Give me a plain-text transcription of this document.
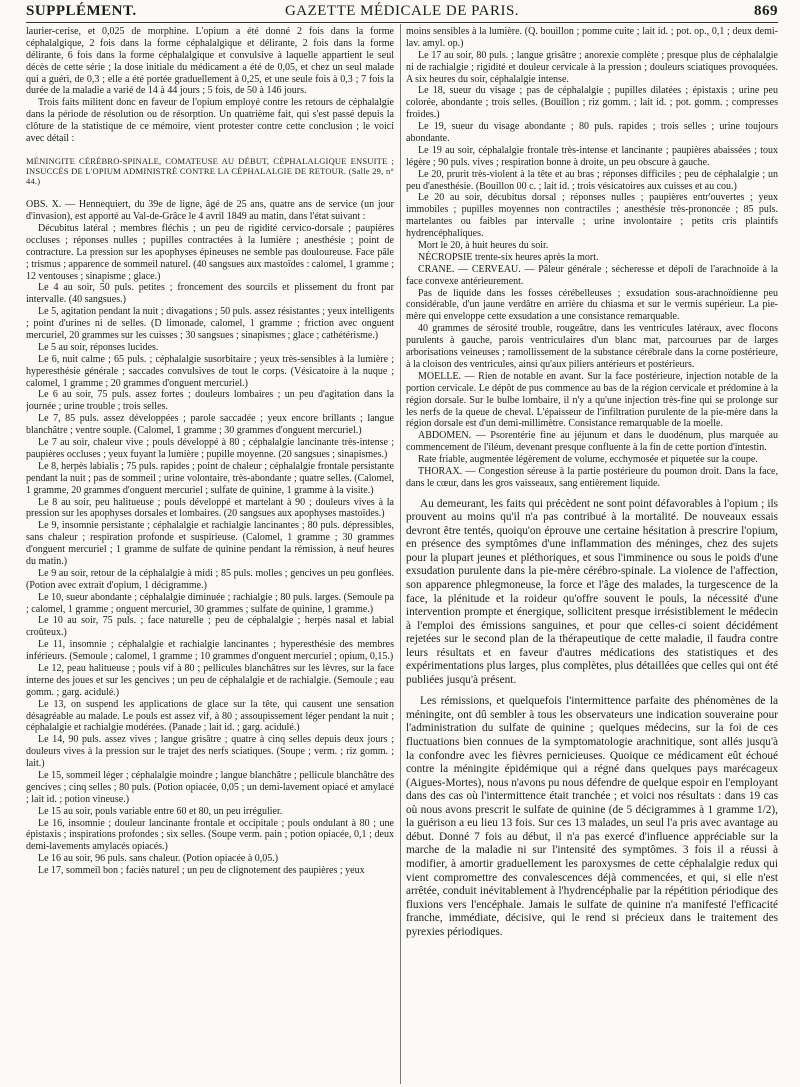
SUPPLÉMENT.	GAZETTE MÉDICALE DE PARIS.	869

laurier-cerise, et 0,025 de morphine. L'opium a été donné 2 fois dans la forme céphalalgique, 2 fois dans la forme céphalalgique et délirante, 2 fois dans la forme délirante, 6 fois dans la forme céphalalgique et convulsive à laquelle appartient le seul décès de cette série ; la dose initiale du médicament a été de 0,05, et chez un seul malade qui a guéri, de 0,3 ; elle a été portée graduellement à 0,25, et une seule fois à 0,3 ; 7 fois la durée de la maladie a varié de 14 à 44 jours ; 5 fois, de 50 à 146 jours.

Trois faits militent donc en faveur de l'opium employé contre les retours de céphalalgie dans la période de résolution ou de résorption. Un quatrième fait, qui s'est passé depuis la clôture de la statistique de ce mémoire, vient protester contre cette conclusion ; le voici avec détail :

MÉNINGITE CÉRÉBRO-SPINALE, COMATEUSE AU DÉBUT, CÉPHALALGIQUE ENSUITE ; INSUCCÈS DE L'OPIUM ADMINISTRÉ CONTRE LA CÉPHALALGIE DE RETOUR. (Salle 29, n° 44.)

OBS. X. — Hennequiert, du 39e de ligne, âgé de 25 ans, quatre ans de service (un jour d'invasion), est apporté au Val-de-Grâce le 4 avril 1849 au matin, dans l'état suivant :

Décubitus latéral ; membres fléchis ; un peu de rigidité cervico-dorsale ; paupières occluses ; réponses nulles ; pupilles contractées à la lumière ; anesthésie ; point de contracture. La pression sur les apophyses épineuses ne semble pas douloureuse. Face pâle ; trismus ; apparence de sommeil naturel. (40 sangsues aux mastoïdes : calomel, 1 gramme ; 12 ventouses ; sinapisme ; glace.)

Le 4 au soir, 50 puls. petites ; froncement des sourcils et plissement du front par intervalle. (40 sangsues.)

Le 5, agitation pendant la nuit ; divagations ; 50 puls. assez résistantes ; yeux intelligents ; point d'urines ni de selles. (D limonade, calomel, 1 gramme ; friction avec onguent mercuriel, 20 grammes sur les cuisses ; 30 sangsues ; sinapismes ; glace ; cathétérisme.)

Le 5 au soir, réponses lucides.

Le 6, nuit calme ; 65 puls. ; céphalalgie susorbitaire ; yeux très-sensibles à la lumière ; hyperesthésie générale ; saccades convulsives de tout le corps. (Vésicatoire à la nuque ; calomel, 1 gramme ; 20 grammes d'onguent mercuriel.)

Le 6 au soir, 75 puls. assez fortes ; douleurs lombaires ; un peu d'agitation dans la journée ; urine trouble ; trois selles.

Le 7, 85 puls. assez développées ; parole saccadée ; yeux encore brillants ; langue blanchâtre ; ventre souple. (Calomel, 1 gramme ; 30 grammes d'onguent mercuriel.)

Le 7 au soir, chaleur vive ; pouls développé à 80 ; céphalalgie lancinante très-intense ; paupières occluses ; yeux fuyant la lumière ; pupille moyenne. (20 sangsues ; sinapismes.)

Le 8, herpès labialis ; 75 puls. rapides ; point de chaleur ; céphalalgie frontale persistante pendant la nuit ; pas de sommeil ; urine volontaire, très-abondante ; quatre selles. (Calomel, 1 gramme, 20 grammes d'onguent mercuriel ; sulfate de quinine, 1 gramme à la visite.)

Le 8 au soir, peu halitueuse ; pouls développé et martelant à 90 ; douleurs vives à la pression sur les apophyses dorsales et lombaires. (20 sangsues aux apophyses mastoïdes.)

Le 9, insomnie persistante ; céphalalgie et rachialgie lancinantes ; 80 puls. dépressibles, sans chaleur ; respiration profonde et suspirieuse. (Calomel, 1 gramme ; 30 grammes d'onguent mercuriel ; 1 gramme de sulfate de quinine pendant la rémission, à neuf heures du matin.)

Le 9 au soir, retour de la céphalalgie à midi ; 85 puls. molles ; gencives un peu gonflées. (Potion avec extrait d'opium, 1 décigramme.)

Le 10, sueur abondante ; céphalalgie diminuée ; rachialgie ; 80 puls. larges. (Semoule pa ; calomel, 1 gramme ; onguent mercuriel, 30 grammes ; sulfate de quinine, 1 gramme.)

Le 10 au soir, 75 puls. ; face naturelle ; peu de céphalalgie ; herpès nasal et labial croûteux.)

Le 11, insomnie ; céphalalgie et rachialgie lancinantes ; hyperesthésie des membres inférieurs. (Semoule ; calomel, 1 gramme ; 10 grammes d'onguent mercuriel ; opium, 0,15.)

Le 12, peau halitueuse ; pouls vif à 80 ; pellicules blanchâtres sur les lèvres, sur la face interne des joues et sur les gencives ; un peu de céphalalgie et de rachialgie. (Semoule ; eau gomm. ; garg. acidulé.)

Le 13, on suspend les applications de glace sur la tête, qui causent une sensation désagréable au malade. Le pouls est assez vif, à 80 ; assoupissement léger pendant la nuit ; céphalalgie et rachialgie modérées. (Panade ; lait id. ; garg. acidulé.)

Le 14, 90 puls. assez vives ; langue grisâtre ; quatre à cinq selles depuis deux jours ; douleurs vives à la pression sur le trajet des nerfs sciatiques. (Soupe ; verm. ; riz gomm. ; lait.)

Le 15, sommeil léger ; céphalalgie moindre ; langue blanchâtre ; pellicule blanchâtre des gencives ; cinq selles ; 80 puls. (Potion opiacée, 0,05 ; un demi-lavement opiacé et amylacé ; lait id. ; potion vineuse.)

Le 15 au soir, pouls variable entre 60 et 80, un peu irrégulier.

Le 16, insomnie ; douleur lancinante frontale et occipitale ; pouls ondulant à 80 ; une épistaxis ; inspirations profondes ; six selles. (Soupe verm. pain ; potion opiacée, 0,1 ; deux demi-lavements amylacés opiacés.)

Le 16 au soir, 96 puls. sans chaleur. (Potion opiacée à 0,05.)

Le 17, sommeil bon ; faciès naturel ; un peu de clignotement des paupières ; yeux

moins sensibles à la lumière. (Q. bouillon ; pomme cuite ; lait id. ; pot. op., 0,1 ; deux demi-lav. amyl. op.)

Le 17 au soir, 80 puls. ; langue grisâtre ; anorexie complète ; presque plus de céphalalgie ni de rachialgie ; rigidité et douleur cervicale à la pression ; douleurs sciatiques provoquées. A six heures du soir, céphalalgie intense.

Le 18, sueur du visage ; pas de céphalalgie ; pupilles dilatées ; épistaxis ; urine peu colorée, abondante ; trois selles. (Bouillon ; riz gomm. ; lait id. ; pot. gomm. ; compresses froides.)

Le 19, sueur du visage abondante ; 80 puls. rapides ; trois selles ; urine toujours abondante.

Le 19 au soir, céphalalgie frontale très-intense et lancinante ; paupières abaissées ; toux légère ; 90 puls. vives ; respiration bonne à droite, un peu obscure à gauche.

Le 20, prurit très-violent à la tête et au bras ; réponses difficiles ; peu de céphalalgie ; un peu d'anesthésie. (Bouillon 00 c. ; lait id. ; trois vésicatoires aux cuisses et au cou.)

Le 20 au soir, décubitus dorsal ; réponses nulles ; paupières entr'ouvertes ; yeux immobiles ; pupilles moyennes non contractiles ; anesthésie très-prononcée ; 85 puls. martelantes ou faibles par intervalle ; urine involontaire ; petits cris plaintifs hydrencéphaliques.

Mort le 20, à huit heures du soir.

NÉCROPSIE trente-six heures après la mort.

CRANE. — CERVEAU. — Pâleur générale ; sécheresse et dépoli de l'arachnoïde à la face convexe antérieurement.

Pas de liquide dans les fosses cérébelleuses ; exsudation sous-arachnoïdienne peu considérable, d'un jaune verdâtre en arrière du chiasma et sur le vermis supérieur. La pie-mère qui enveloppe cette exsudation a une consistance remarquable.

40 grammes de sérosité trouble, rougeâtre, dans les ventricules latéraux, avec flocons purulents à gauche, parois ventriculaires d'un blanc mat, parcourues par de larges arborisations veineuses ; ramollissement de la substance cérébrale dans la corne postérieure, à la cloison des ventricules, ainsi qu'aux piliers antérieurs et postérieurs.

MOELLE. — Rien de notable en avant. Sur la face postérieure, injection notable de la portion cervicale. Le dépôt de pus commence au bas de la région cervicale et prédomine à la région dorsale. Sur le bulbe lombaire, il n'y a qu'une injection très-fine qui se prolonge sur les nerfs de la queue de cheval. L'épaisseur de l'infiltration purulente de la pie-mère dans la région dorsale est d'un demi-millimètre. Consistance remarquable de la moelle.

ABDOMEN. — Psorentérie fine au jéjunum et dans le duodénum, plus marquée au commencement de l'iléum, devenant presque confluente à la fin de cette portion d'intestin.

Rate friable, augmentée légèrement de volume, ecchymosée et piquetée sur la coupe.

THORAX. — Congestion séreuse à la partie postérieure du poumon droit. Dans la face, dans le cœur, dans les gros vaisseaux, sang entièrement liquide.

Au demeurant, les faits qui précèdent ne sont point défavorables à l'opium ; ils prouvent au moins qu'il n'a pas contribué à la mortalité. De nouveaux essais devront être tentés, quoiqu'on éprouve une certaine hésitation à prescrire l'opium, en présence des symptômes d'une inflammation des méninges, chez des sujets pour la plupart jeunes et pléthoriques, et sous l'imminence ou sous le poids d'une exsudation purulente dans la pie-mère cérébro-spinale. La violence de l'affection, son apparence phlegmoneuse, la force et l'âge des malades, la turgescence de la face, la plénitude et la roideur qu'offre souvent le pouls, la nécessité d'une intervention prompte et énergique, sollicitent presque irrésistiblement le médecin à l'emploi des émissions sanguines, et pour que celles-ci soient décidément rejetées sur le second plan de la thérapeutique de cette maladie, il faudra contre leurs résultats et en faveur d'autres médications des statistiques et des expérimentations plus larges, plus complètes, plus détaillées que celles qui ont été publiées jusqu'à présent.

Les rémissions, et quelquefois l'intermittence parfaite des phénomènes de la méningite, ont dû sembler à tous les observateurs une indication souveraine pour l'administration du sulfate de quinine ; quelques médecins, sur la foi de ces fluctuations bien connues de la symptomatologie arachnitique, sont allés jusqu'à la confondre avec les fièvres pernicieuses. Quoique ce médicament eût échoué contre la méningite épidémique qui a régné dans quelques pays marécageux (Aigues-Mortes), nous n'avons pu nous défendre de quelque espoir en l'employant dans des cas où l'intermittence était tranchée ; et voici nos résultats : dans 19 cas où nous avons prescrit le sulfate de quinine (de 5 décigrammes à 1 gramme 1/2), la guérison a eu lieu 13 fois. Sur ces 13 malades, un seul l'a pris avec avantage au début. Donné 7 fois au début, il n'a pas exercé d'influence appréciable sur la marche de la maladie ni sur l'intensité des symptômes. 3 fois il a réussi à modifier, à amortir graduellement les paroxysmes de cette céphalalgie redux qui vient compromettre des convalescences déjà commencées, et qui, si elle n'est arrêtée, conduit inévitablement à l'hydrencéphalie par la répétition périodique des fluxions vers l'encéphale. Jamais le sulfate de quinine n'a manifesté l'efficacité franche, immédiate, décisive, qui le rend si précieux dans le traitement des pyrexies périodiques.
